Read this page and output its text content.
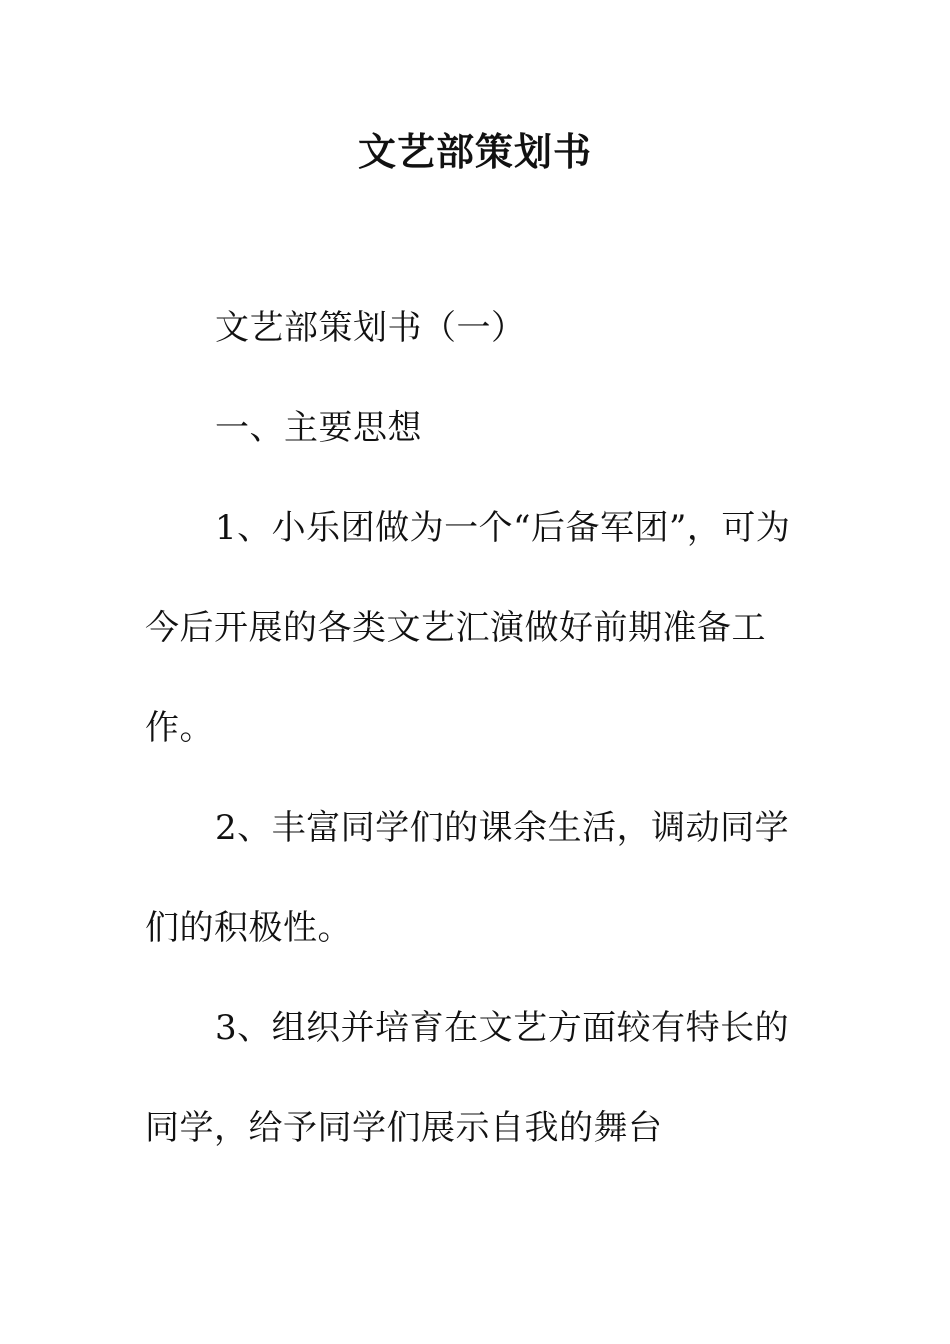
文艺部策划书

文艺部策划书（一）

一、主要思想

1、小乐团做为一个“后备军团”，可为今后开展的各类文艺汇演做好前期准备工作。

2、丰富同学们的课余生活，调动同学们的积极性。

3、组织并培育在文艺方面较有特长的同学，给予同学们展示自我的舞台
